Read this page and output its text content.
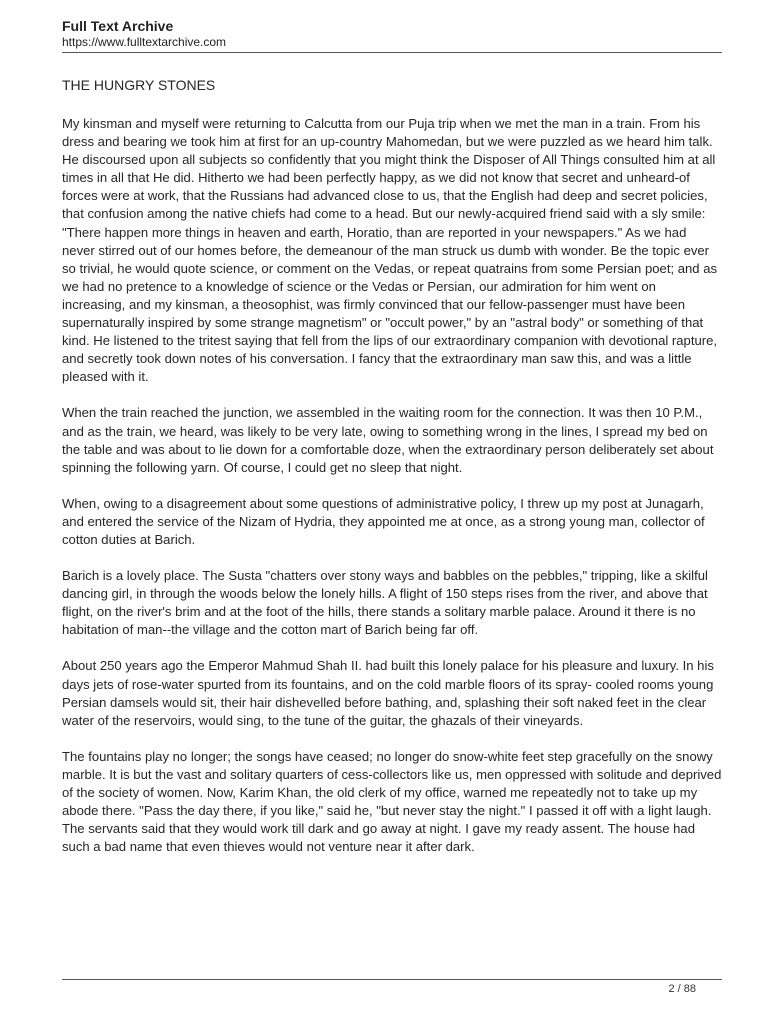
Full Text Archive
https://www.fulltextarchive.com
THE HUNGRY STONES

My kinsman and myself were returning to Calcutta from our Puja trip when we met the man in a train. From his dress and bearing we took him at first for an up-country Mahomedan, but we were puzzled as we heard him talk. He discoursed upon all subjects so confidently that you might think the Disposer of All Things consulted him at all times in all that He did. Hitherto we had been perfectly happy, as we did not know that secret and unheard-of forces were at work, that the Russians had advanced close to us, that the English had deep and secret policies, that confusion among the native chiefs had come to a head. But our newly-acquired friend said with a sly smile: "There happen more things in heaven and earth, Horatio, than are reported in your newspapers." As we had never stirred out of our homes before, the demeanour of the man struck us dumb with wonder. Be the topic ever so trivial, he would quote science, or comment on the Vedas, or repeat quatrains from some Persian poet; and as we had no pretence to a knowledge of science or the Vedas or Persian, our admiration for him went on increasing, and my kinsman, a theosophist, was firmly convinced that our fellow-passenger must have been supernaturally inspired by some strange magnetism" or "occult power," by an "astral body" or something of that kind. He listened to the tritest saying that fell from the lips of our extraordinary companion with devotional rapture, and secretly took down notes of his conversation. I fancy that the extraordinary man saw this, and was a little pleased with it.

When the train reached the junction, we assembled in the waiting room for the connection. It was then 10 P.M., and as the train, we heard, was likely to be very late, owing to something wrong in the lines, I spread my bed on the table and was about to lie down for a comfortable doze, when the extraordinary person deliberately set about spinning the following yarn. Of course, I could get no sleep that night.

When, owing to a disagreement about some questions of administrative policy, I threw up my post at Junagarh, and entered the service of the Nizam of Hydria, they appointed me at once, as a strong young man, collector of cotton duties at Barich.

Barich is a lovely place. The Susta "chatters over stony ways and babbles on the pebbles," tripping, like a skilful dancing girl, in through the woods below the lonely hills. A flight of 150 steps rises from the river, and above that flight, on the river's brim and at the foot of the hills, there stands a solitary marble palace. Around it there is no habitation of man--the village and the cotton mart of Barich being far off.

About 250 years ago the Emperor Mahmud Shah II. had built this lonely palace for his pleasure and luxury. In his days jets of rose-water spurted from its fountains, and on the cold marble floors of its spray- cooled rooms young Persian damsels would sit, their hair dishevelled before bathing, and, splashing their soft naked feet in the clear water of the reservoirs, would sing, to the tune of the guitar, the ghazals of their vineyards.

The fountains play no longer; the songs have ceased; no longer do snow-white feet step gracefully on the snowy marble. It is but the vast and solitary quarters of cess-collectors like us, men oppressed with solitude and deprived of the society of women. Now, Karim Khan, the old clerk of my office, warned me repeatedly not to take up my abode there. "Pass the day there, if you like," said he, "but never stay the night." I passed it off with a light laugh. The servants said that they would work till dark and go away at night. I gave my ready assent. The house had such a bad name that even thieves would not venture near it after dark.

2 / 88
